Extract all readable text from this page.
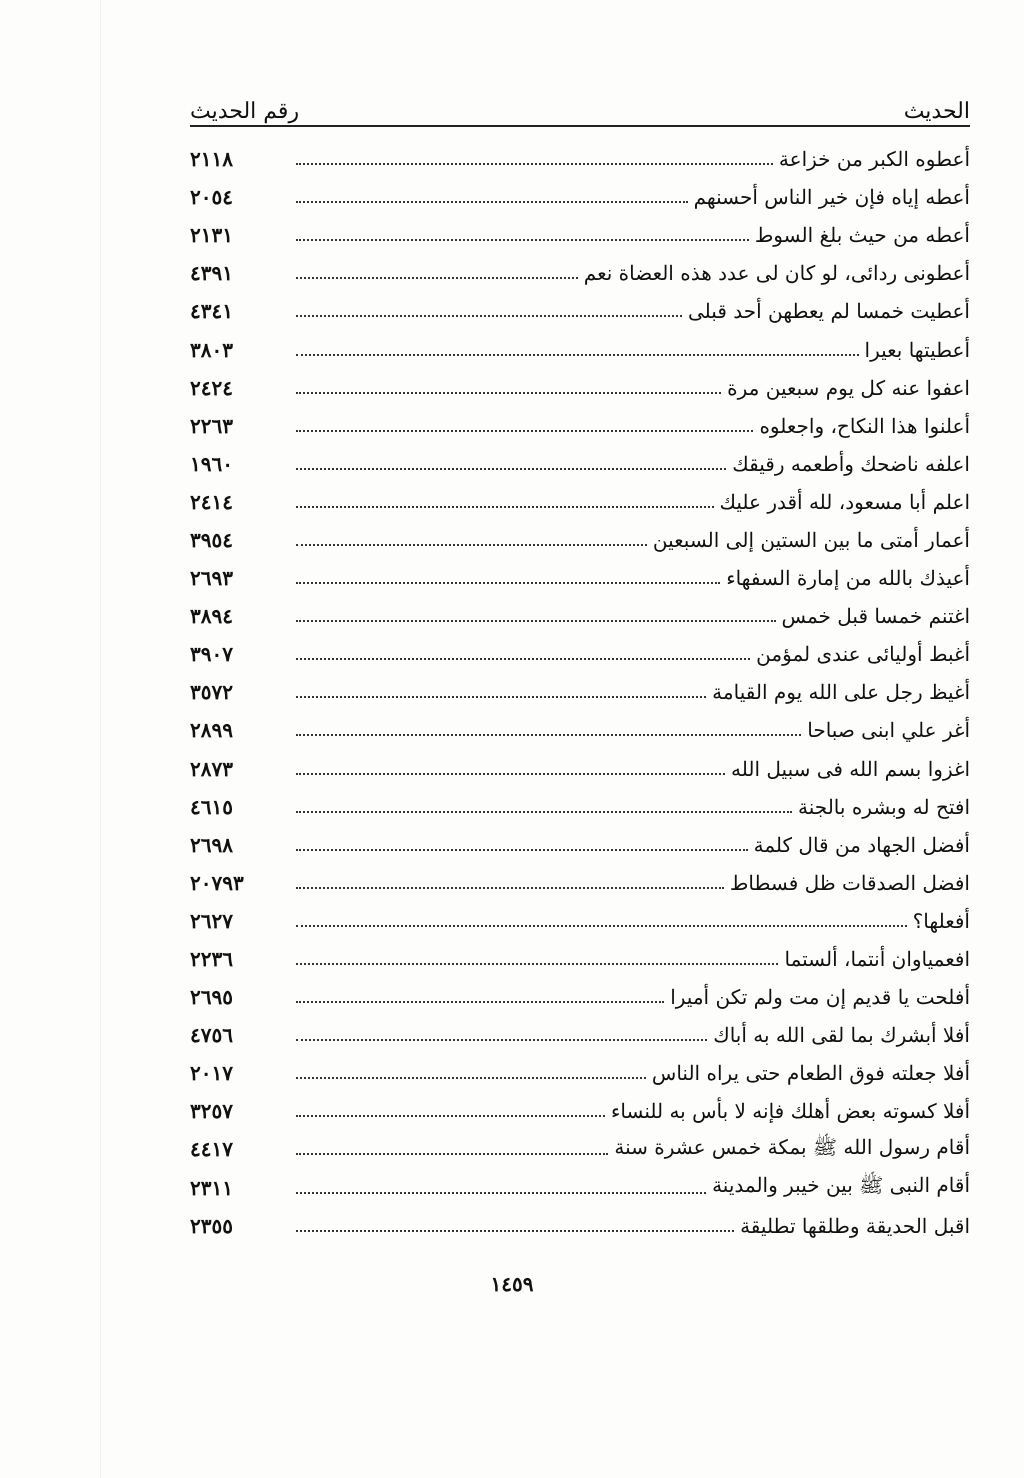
الحديث
رقم الحديث
أعطوه الكبر من خزاعة
٢١١٨
أعطه إياه فإن خير الناس أحسنهم
٢٠٥٤
أعطه من حيث بلغ السوط
٢١٣١
أعطونى ردائى، لو كان لى عدد هذه العضاة نعم
٤٣٩١
أعطيت خمسا لم يعطهن أحد قبلى
٤٣٤١
أعطيتها بعيرا
٣٨٠٣
اعفوا عنه كل يوم سبعين مرة
٢٤٢٤
أعلنوا هذا النكاح، واجعلوه
٢٢٦٣
اعلفه ناضحك وأطعمه رقيقك
١٩٦٠
اعلم أبا مسعود، لله أقدر عليك
٢٤١٤
أعمار أمتى ما بين الستين إلى السبعين
٣٩٥٤
أعيذك بالله من إمارة السفهاء
٢٦٩٣
اغتنم خمسا قبل خمس
٣٨٩٤
أغبط أوليائى عندى لمؤمن
٣٩٠٧
أغيظ رجل على الله يوم القيامة
٣٥٧٢
أغر علي ابنى صباحا
٢٨٩٩
اغزوا بسم الله فى سبيل الله
٢٨٧٣
افتح له وبشره بالجنة
٤٦١٥
أفضل الجهاد من قال كلمة
٢٦٩٨
افضل الصدقات ظل فسطاط
٢٠٧٩٣
أفعلها؟
٢٦٢٧
افعمياوان أنتما، ألستما
٢٢٣٦
أفلحت يا قديم إن مت ولم تكن أميرا
٢٦٩٥
أفلا أبشرك بما لقى الله به أباك
٤٧٥٦
أفلا جعلته فوق الطعام حتى يراه الناس
٢٠١٧
أفلا كسوته بعض أهلك فإنه لا بأس به للنساء
٣٢٥٧
أقام رسول الله ﷺ بمكة خمس عشرة سنة
٤٤١٧
أقام النبى ﷺ بين خيبر والمدينة
٢٣١١
اقبل الحديقة وطلقها تطليقة
٢٣٥٥
١٤٥٩
